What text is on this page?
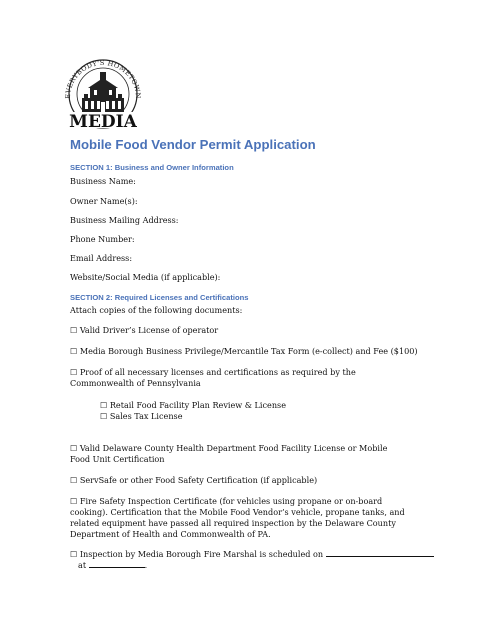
EVERYBODY'S HOMETOWN
MEDIA
Mobile Food Vendor Permit Application

SECTION 1: Business and Owner Information

Business Name:

Owner Name(s):

Business Mailing Address:

Phone Number:

Email Address:

Website/Social Media (if applicable):

SECTION 2: Required Licenses and Certifications

Attach copies of the following documents:

☐ Valid Driver’s License of operator

☐ Media Borough Business Privilege/Mercantile Tax Form (e-collect) and Fee ($100)

☐ Proof of all necessary licenses and certifications as required by the Commonwealth of Pennsylvania

☐ Retail Food Facility Plan Review & License

☐ Sales Tax License

☐ Valid Delaware County Health Department Food Facility License or Mobile Food Unit Certification

☐ ServSafe or other Food Safety Certification (if applicable)

☐ Fire Safety Inspection Certificate (for vehicles using propane or on-board cooking). Certification that the Mobile Food Vendor’s vehicle, propane tanks, and related equipment have passed all required inspection by the Delaware County Department of Health and Commonwealth of PA.

☐ Inspection by Media Borough Fire Marshal is scheduled on

at	.
